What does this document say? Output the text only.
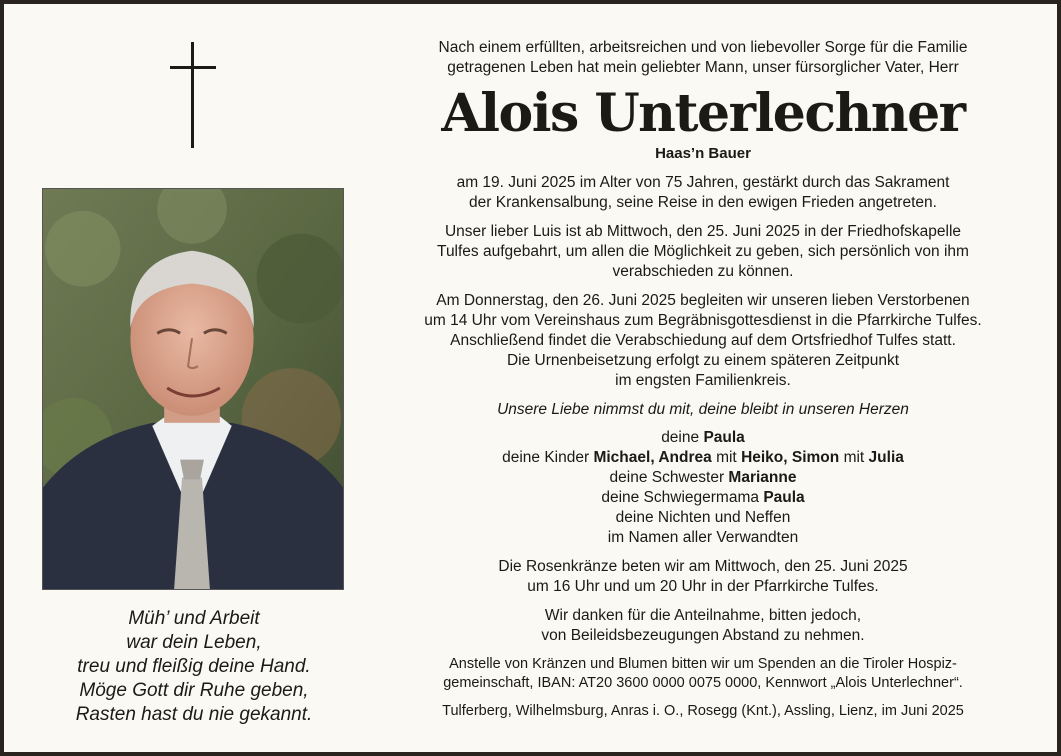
Müh’ und Arbeit
war dein Leben,
treu und fleißig deine Hand.
Möge Gott dir Ruhe geben,
Rasten hast du nie gekannt.

Nach einem erfüllten, arbeitsreichen und von liebevoller Sorge für die Familie
getragenen Leben hat mein geliebter Mann, unser fürsorglicher Vater, Herr

Alois Unterlechner

Haas’n Bauer

am 19. Juni 2025 im Alter von 75 Jahren, gestärkt durch das Sakrament
der Krankensalbung, seine Reise in den ewigen Frieden angetreten.

Unser lieber Luis ist ab Mittwoch, den 25. Juni 2025 in der Friedhofskapelle
Tulfes aufgebahrt, um allen die Möglichkeit zu geben, sich persönlich von ihm
verabschieden zu können.

Am Donnerstag, den 26. Juni 2025 begleiten wir unseren lieben Verstorbenen
um 14 Uhr vom Vereinshaus zum Begräbnisgottesdienst in die Pfarrkirche Tulfes.
Anschließend findet die Verabschiedung auf dem Ortsfriedhof Tulfes statt.
Die Urnenbeisetzung erfolgt zu einem späteren Zeitpunkt
im engsten Familienkreis.

Unsere Liebe nimmst du mit, deine bleibt in unseren Herzen

deine Paula
deine Kinder Michael, Andrea mit Heiko, Simon mit Julia
deine Schwester Marianne
deine Schwiegermama Paula
deine Nichten und Neffen
im Namen aller Verwandten

Die Rosenkränze beten wir am Mittwoch, den 25. Juni 2025
um 16 Uhr und um 20 Uhr in der Pfarrkirche Tulfes.

Wir danken für die Anteilnahme, bitten jedoch,
von Beileidsbezeugungen Abstand zu nehmen.

Anstelle von Kränzen und Blumen bitten wir um Spenden an die Tiroler Hospiz-
gemeinschaft, IBAN: AT20 3600 0000 0075 0000, Kennwort „Alois Unterlechner“.

Tulferberg, Wilhelmsburg, Anras i. O., Rosegg (Knt.), Assling, Lienz, im Juni 2025
